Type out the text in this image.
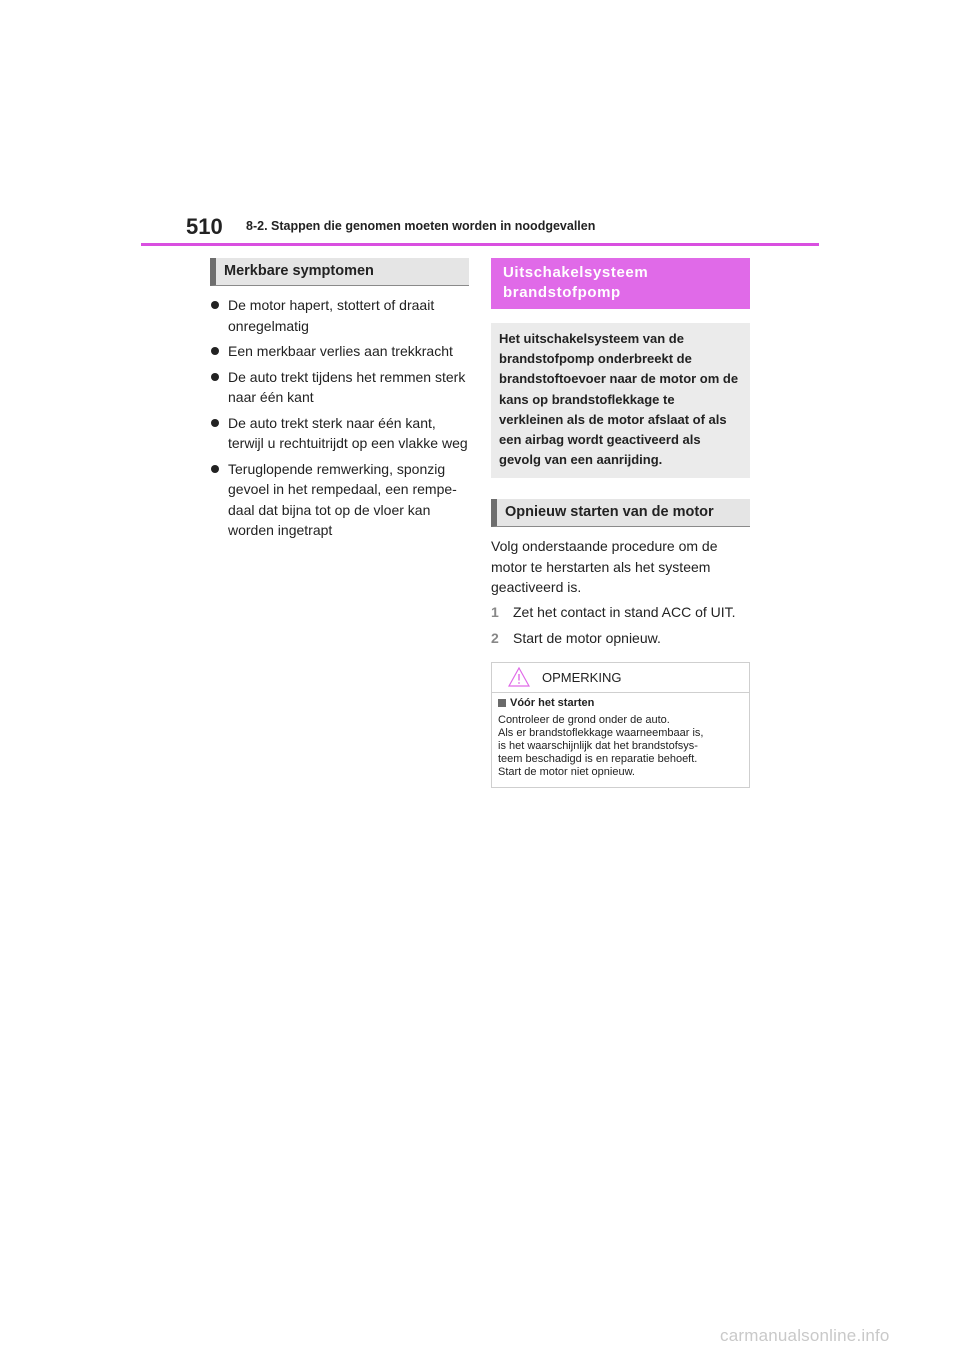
510 8-2. Stappen die genomen moeten worden in noodgevallen
Merkbare symptomen
De motor hapert, stottert of draait onregelmatig
Een merkbaar verlies aan trekkracht
De auto trekt tijdens het remmen sterk naar één kant
De auto trekt sterk naar één kant, terwijl u rechtuitrijdt op een vlakke weg
Teruglopende remwerking, sponzig gevoel in het rempedaal, een rempe-daal dat bijna tot op de vloer kan worden ingetrapt
Uitschakelsysteem brandstofpomp
Het uitschakelsysteem van de brandstofpomp onderbreekt de brandstoftoevoer naar de motor om de kans op brandstoflekkage te verkleinen als de motor afslaat of als een airbag wordt geactiveerd als gevolg van een aanrijding.
Opnieuw starten van de motor
Volg onderstaande procedure om de motor te herstarten als het systeem geactiveerd is.
1	Zet het contact in stand ACC of UIT.
2	Start de motor opnieuw.
OPMERKING
Vóór het starten
Controleer de grond onder de auto.
Als er brandstoflekkage waarneembaar is,
is het waarschijnlijk dat het brandstofsys-
teem beschadigd is en reparatie behoeft.
Start de motor niet opnieuw.
carmanualsonline.info
